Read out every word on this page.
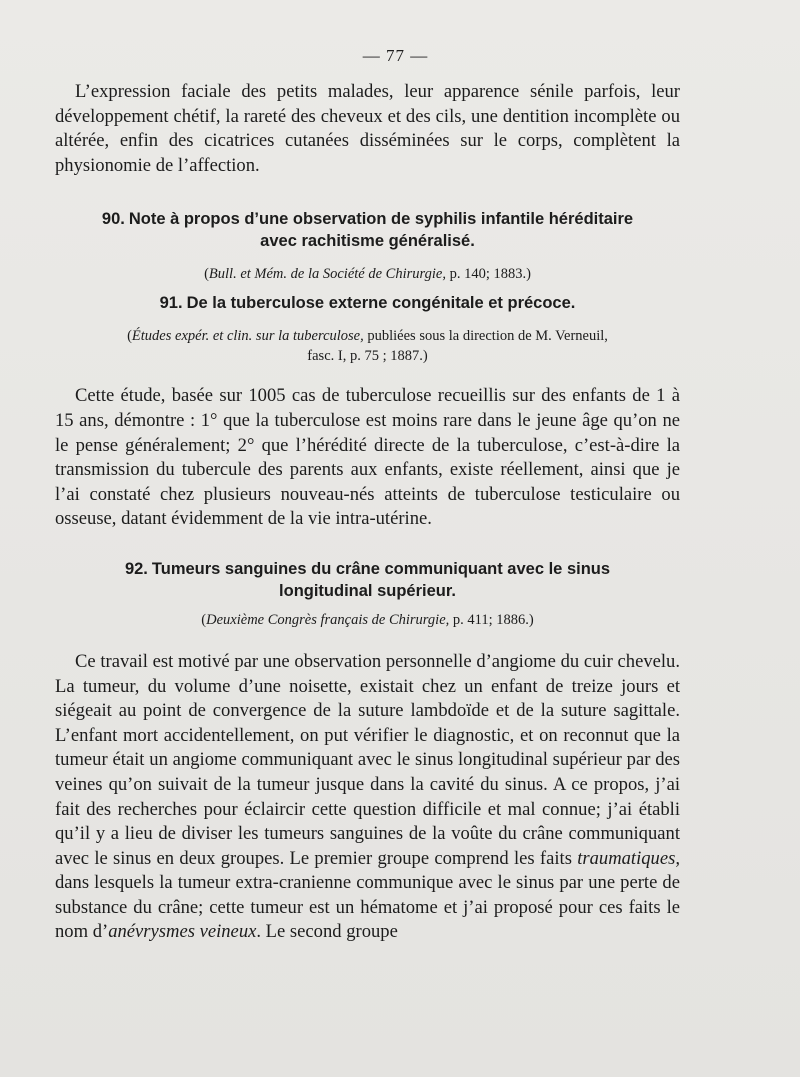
— 77 —

L’expression faciale des petits malades, leur apparence sénile parfois, leur développement chétif, la rareté des cheveux et des cils, une dentition incomplète ou altérée, enfin des cicatrices cutanées disséminées sur le corps, complètent la physionomie de l’affection.

90. Note à propos d’une observation de syphilis infantile héréditaire

avec rachitisme généralisé.

(Bull. et Mém. de la Société de Chirurgie, p. 140; 1883.)

91. De la tuberculose externe congénitale et précoce.

(Études expér. et clin. sur la tuberculose, publiées sous la direction de M. Verneuil,

fasc. I, p. 75 ; 1887.)

Cette étude, basée sur 1005 cas de tuberculose recueillis sur des enfants de 1 à 15 ans, démontre : 1° que la tuberculose est moins rare dans le jeune âge qu’on ne le pense généralement; 2° que l’hérédité directe de la tuberculose, c’est-à-dire la transmission du tubercule des parents aux enfants, existe réellement, ainsi que je l’ai constaté chez plusieurs nouveau-nés atteints de tuberculose testiculaire ou osseuse, datant évidemment de la vie intra-utérine.

92. Tumeurs sanguines du crâne communiquant avec le sinus

longitudinal supérieur.

(Deuxième Congrès français de Chirurgie, p. 411; 1886.)

Ce travail est motivé par une observation personnelle d’angiome du cuir chevelu. La tumeur, du volume d’une noisette, existait chez un enfant de treize jours et siégeait au point de convergence de la suture lambdoïde et de la suture sagittale. L’enfant mort accidentellement, on put vérifier le diagnostic, et on reconnut que la tumeur était un angiome communiquant avec le sinus longitudinal supérieur par des veines qu’on suivait de la tumeur jusque dans la cavité du sinus. A ce propos, j’ai fait des recherches pour éclaircir cette question difficile et mal connue; j’ai établi qu’il y a lieu de diviser les tumeurs sanguines de la voûte du crâne communiquant avec le sinus en deux groupes. Le premier groupe comprend les faits traumatiques, dans lesquels la tumeur extra-cranienne communique avec le sinus par une perte de substance du crâne; cette tumeur est un hématome et j’ai proposé pour ces faits le nom d’anévrysmes veineux. Le second groupe
